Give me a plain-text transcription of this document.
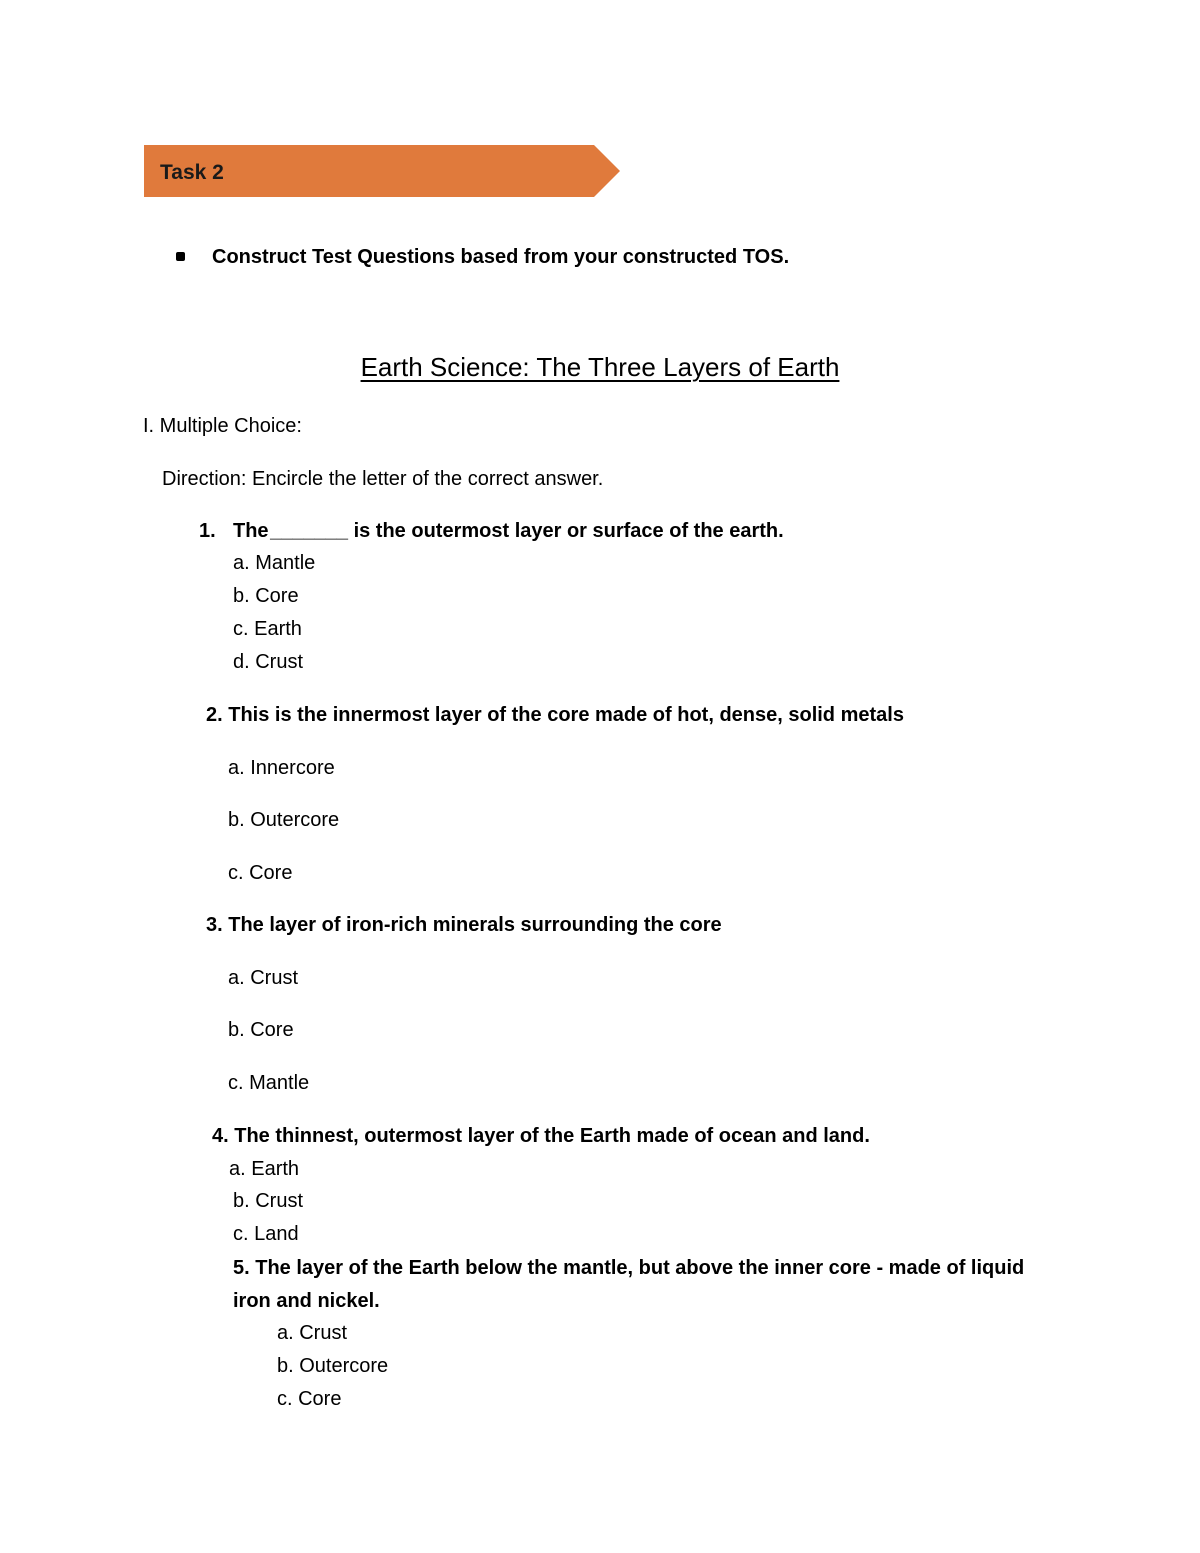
Task 2
Construct Test Questions based from your constructed TOS.
Earth Science: The Three Layers of Earth
I. Multiple Choice:
Direction: Encircle the letter of the correct answer.
1. The _______ is the outermost layer or surface of the earth.
a. Mantle
b. Core
c. Earth
d. Crust
2. This is the innermost layer of the core made of hot, dense, solid metals
a. Innercore
b. Outercore
c. Core
3. The layer of iron-rich minerals surrounding the core
a. Crust
b. Core
c. Mantle
4. The thinnest, outermost layer of the Earth made of ocean and land.
a. Earth
b. Crust
c. Land
5. The layer of the Earth below the mantle, but above the inner core - made of liquid
iron and nickel.
a. Crust
b. Outercore
c. Core
